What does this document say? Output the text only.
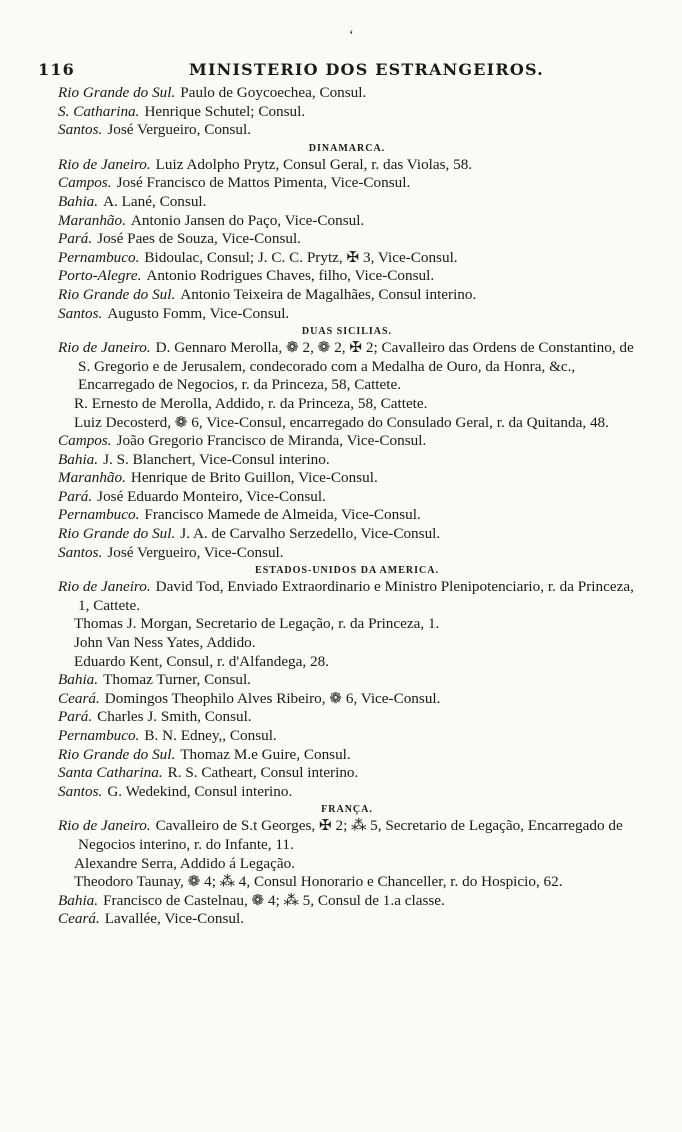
ʻ
116	MINISTERIO DOS ESTRANGEIROS.
Rio Grande do Sul. Paulo de Goycoechea, Consul.
S. Catharina. Henrique Schutel; Consul.
Santos. José Vergueiro, Consul.
DINAMARCA.
Rio de Janeiro. Luiz Adolpho Prytz, Consul Geral, r. das Violas, 58.
Campos. José Francisco de Mattos Pimenta, Vice-Consul.
Bahia. A. Lané, Consul.
Maranhão. Antonio Jansen do Paço, Vice-Consul.
Pará. José Paes de Souza, Vice-Consul.
Pernambuco. Bidoulac, Consul; J. C. C. Prytz, ✠ 3, Vice-Consul.
Porto-Alegre. Antonio Rodrigues Chaves, filho, Vice-Consul.
Rio Grande do Sul. Antonio Teixeira de Magalhães, Consul interino.
Santos. Augusto Fomm, Vice-Consul.
DUAS SICILIAS.
Rio de Janeiro. D. Gennaro Merolla, ❁ 2, ❁ 2, ✠ 2; Cavalleiro das Ordens de Constantino, de S. Gregorio e de Jerusalem, condecorado com a Medalha de Ouro, da Honra, &c., Encarregado de Negocios, r. da Princeza, 58, Cattete.
R. Ernesto de Merolla, Addido, r. da Princeza, 58, Cattete.
Luiz Decosterd, ❁ 6, Vice-Consul, encarregado do Consulado Geral, r. da Quitanda, 48.
Campos. João Gregorio Francisco de Miranda, Vice-Consul.
Bahia. J. S. Blanchert, Vice-Consul interino.
Maranhão. Henrique de Brito Guillon, Vice-Consul.
Pará. José Eduardo Monteiro, Vice-Consul.
Pernambuco. Francisco Mamede de Almeida, Vice-Consul.
Rio Grande do Sul. J. A. de Carvalho Serzedello, Vice-Consul.
Santos. José Vergueiro, Vice-Consul.
ESTADOS-UNIDOS DA AMERICA.
Rio de Janeiro. David Tod, Enviado Extraordinario e Ministro Plenipotenciario, r. da Princeza, 1, Cattete.
Thomas J. Morgan, Secretario de Legação, r. da Princeza, 1.
John Van Ness Yates, Addido.
Eduardo Kent, Consul, r. d'Alfandega, 28.
Bahia. Thomaz Turner, Consul.
Ceará. Domingos Theophilo Alves Ribeiro, ❁ 6, Vice-Consul.
Pará. Charles J. Smith, Consul.
Pernambuco. B. N. Edney,, Consul.
Rio Grande do Sul. Thomaz M.e Guire, Consul.
Santa Catharina. R. S. Catheart, Consul interino.
Santos. G. Wedekind, Consul interino.
FRANÇA.
Rio de Janeiro. Cavalleiro de S.t Georges, ✠ 2; ⁂ 5, Secretario de Legação, Encarregado de Negocios interino, r. do Infante, 11.
Alexandre Serra, Addido á Legação.
Theodoro Taunay, ❁ 4; ⁂ 4, Consul Honorario e Chanceller, r. do Hospicio, 62.
Bahia. Francisco de Castelnau, ❁ 4; ⁂ 5, Consul de 1.a classe.
Ceará. Lavallée, Vice-Consul.
